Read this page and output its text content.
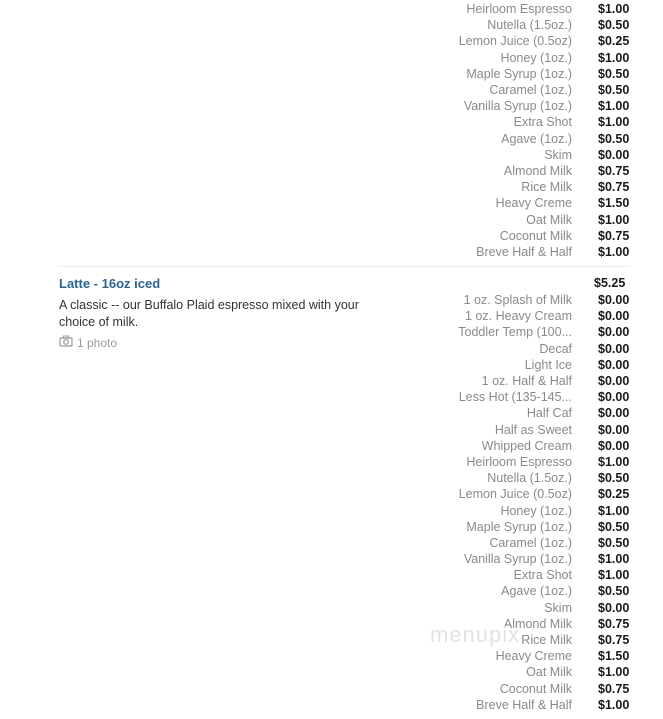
Heirloom Espresso	$1.00
Nutella (1.5oz.)	$0.50
Lemon Juice (0.5oz)	$0.25
Honey (1oz.)	$1.00
Maple Syrup (1oz.)	$0.50
Caramel (1oz.)	$0.50
Vanilla Syrup (1oz.)	$1.00
Extra Shot	$1.00
Agave (1oz.)	$0.50
Skim	$0.00
Almond Milk	$0.75
Rice Milk	$0.75
Heavy Creme	$1.50
Oat Milk	$1.00
Coconut Milk	$0.75
Breve Half & Half	$1.00
Latte - 16oz iced	$5.25
A classic -- our Buffalo Plaid espresso mixed with your choice of milk.
1 photo
1 oz. Splash of Milk	$0.00
1 oz. Heavy Cream	$0.00
Toddler Temp (100...	$0.00
Decaf	$0.00
Light Ice	$0.00
1 oz. Half & Half	$0.00
Less Hot (135-145...	$0.00
Half Caf	$0.00
Half as Sweet	$0.00
Whipped Cream	$0.00
Heirloom Espresso	$1.00
Nutella (1.5oz.)	$0.50
Lemon Juice (0.5oz)	$0.25
Honey (1oz.)	$1.00
Maple Syrup (1oz.)	$0.50
Caramel (1oz.)	$0.50
Vanilla Syrup (1oz.)	$1.00
Extra Shot	$1.00
Agave (1oz.)	$0.50
Skim	$0.00
Almond Milk	$0.75
Rice Milk	$0.75
Heavy Creme	$1.50
Oat Milk	$1.00
Coconut Milk	$0.75
Breve Half & Half	$1.00
menupix
